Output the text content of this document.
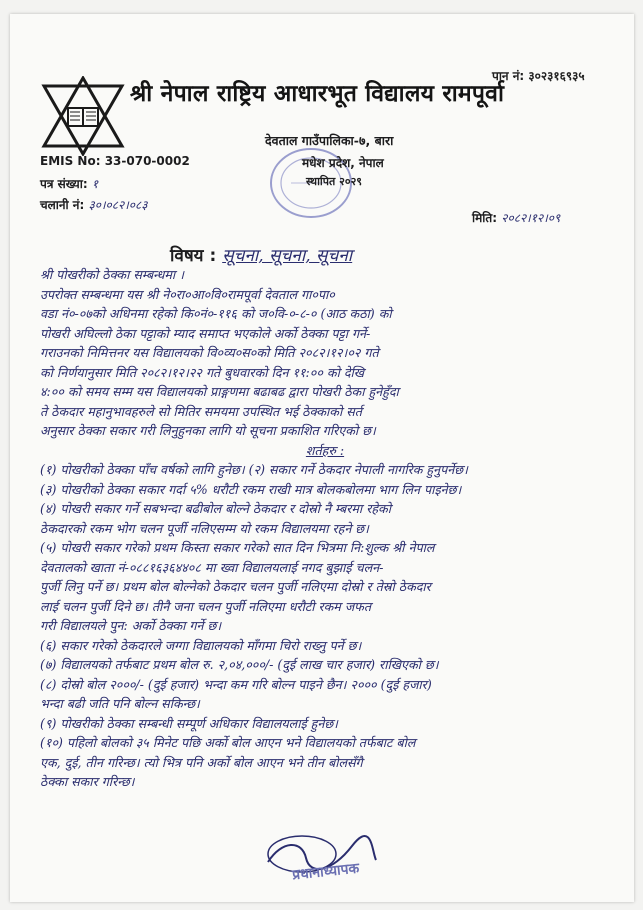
पान नं: ३०२३१६९३५
श्री नेपाल राष्ट्रिय आधारभूत विद्यालय रामपूर्वा
देवताल गाउँपालिका-७, बारा
मधेश प्रदेश, नेपाल
स्थापित २०२९
EMIS No: 33-070-0002
पत्र संख्या: १
चलानी नं: ३०।०८२।०८३
मिति: २०८२।१२।०९
विषय : सूचना, सूचना, सूचना
श्री पोखरीको ठेक्का सम्बन्धमा ।
उपरोक्त सम्बन्धमा यस श्री ने०रा०आ०वि०रामपूर्वा देवताल गा०पा०
वडा नं०-०७को अधिनमा रहेको कि०नं०-११६ को ज०वि-०-८-० (आठ कठा) को
पोखरी अघिल्लो ठेका पट्टाको म्याद समाप्त भएकोले अर्को ठेक्का पट्टा गर्ने-
गराउनको निमित्तनर यस विद्यालयको वि०व्य०स०को मिति २०८२।१२।०२ गते
को निर्णयानुसार मिति २०८२।१२।२२ गते बुधवारको दिन ११:०० को देखि
४:०० को समय सम्म यस विद्यालयको प्राङ्गणमा बढाबढ द्वारा पोखरी ठेका हुनेहुँदा
ते ठेकदार महानुभावहरुले सो मितिर समयमा उपस्थित भई ठेक्काको सर्त
अनुसार ठेक्का सकार गरी लिनुहुनका लागि यो सूचना प्रकाशित गरिएको छ।
शर्तहरु :
(१) पोखरीको ठेक्का पाँच वर्षको लागि हुनेछ। (२) सकार गर्ने ठेकदार नेपाली नागरिक हुनुपर्नेछ।
(३) पोखरीको ठेक्का सकार गर्दा ५% धरौटी रकम राखी मात्र बोलकबोलमा भाग लिन पाइनेछ।
(४) पोखरी सकार गर्ने सबभन्दा बढीबोल बोल्ने ठेकदार र दोस्रो नै म्बरमा रहेको
ठेकदारको रकम भोग चलन पूर्जी नलिएसम्म यो रकम विद्यालयमा रहने छ।
(५) पोखरी सकार गरेको प्रथम किस्ता सकार गरेको सात दिन भित्रमा नि:शुल्क श्री नेपाल
देवतालको खाता नं-०८८१६३६४४०८ मा ख्वा विद्यालयलाई नगद बुझाई चलन-
पुर्जी लिनु पर्ने छ। प्रथम बोल बोल्नेको ठेकदार चलन पुर्जी नलिएमा दोस्रो र तेस्रो ठेकदार
लाई चलन पुर्जी दिने छ। तीनै जना चलन पुर्जी नलिएमा धरौटी रकम जफत
गरी विद्यालयले पुन: अर्को ठेक्का गर्ने छ।
(६) सकार गरेको ठेकदारले जग्गा विद्यालयको माँगमा चिरो राख्नु पर्ने छ।
(७) विद्यालयको तर्फबाट प्रथम बोल रु. २,०४,०००/- (दुई लाख चार हजार) राखिएको छ।
(८) दोस्रो बोल २०००/- (दुई हजार) भन्दा कम गरि बोल्न पाइने छैन। २००० (दुई हजार)
भन्दा बढी जति पनि बोल्न सकिन्छ।
(९) पोखरीको ठेक्का सम्बन्धी सम्पूर्ण अधिकार विद्यालयलाई हुनेछ।
(१०) पहिलो बोलको ३५ मिनेट पछि अर्को बोल आएन भने विद्यालयको तर्फबाट बोल
एक, दुई, तीन गरिन्छ। त्यो भित्र पनि अर्को बोल आएन भने तीन बोलसँगै
ठेक्का सकार गरिन्छ।
प्रधानाध्यापक
